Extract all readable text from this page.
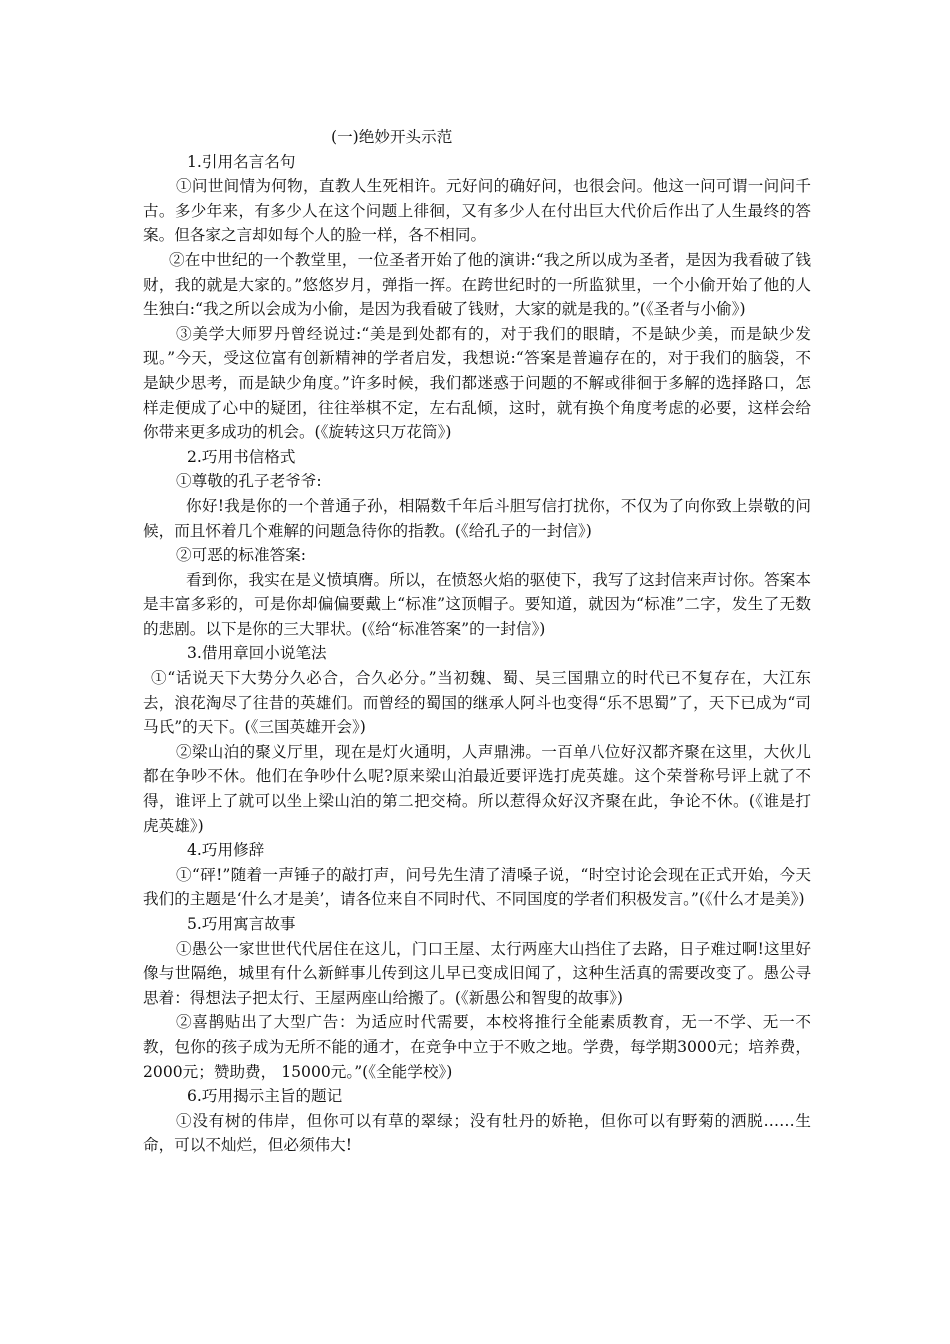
(一)绝妙开头示范

1.引用名言名句

①问世间情为何物，直教人生死相许。元好问的确好问，也很会问。他这一问可谓一问问千古。多少年来，有多少人在这个问题上徘徊，又有多少人在付出巨大代价后作出了人生最终的答案。但各家之言却如每个人的脸一样，各不相同。

②在中世纪的一个教堂里，一位圣者开始了他的演讲:“我之所以成为圣者，是因为我看破了钱财，我的就是大家的。”悠悠岁月，弹指一挥。在跨世纪时的一所监狱里，一个小偷开始了他的人生独白:“我之所以会成为小偷，是因为我看破了钱财，大家的就是我的。”(《圣者与小偷》)

③美学大师罗丹曾经说过:“美是到处都有的，对于我们的眼睛，不是缺少美，而是缺少发现。”今天，受这位富有创新精神的学者启发，我想说:“答案是普遍存在的，对于我们的脑袋，不是缺少思考，而是缺少角度。”许多时候，我们都迷惑于问题的不解或徘徊于多解的选择路口，怎样走便成了心中的疑团，往往举棋不定，左右乱倾，这时，就有换个角度考虑的必要，这样会给你带来更多成功的机会。(《旋转这只万花筒》)

2.巧用书信格式

①尊敬的孔子老爷爷:

你好!我是你的一个普通子孙，相隔数千年后斗胆写信打扰你，不仅为了向你致上崇敬的问候，而且怀着几个难解的问题急待你的指教。(《给孔子的一封信》)

②可恶的标准答案:

看到你，我实在是义愤填膺。所以，在愤怒火焰的驱使下，我写了这封信来声讨你。答案本是丰富多彩的，可是你却偏偏要戴上“标准”这顶帽子。要知道，就因为“标准”二字，发生了无数的悲剧。以下是你的三大罪状。(《给“标准答案”的一封信》)

3.借用章回小说笔法

①“话说天下大势分久必合，合久必分。”当初魏、蜀、吴三国鼎立的时代已不复存在，大江东去，浪花淘尽了往昔的英雄们。而曾经的蜀国的继承人阿斗也变得“乐不思蜀”了，天下已成为“司马氏”的天下。(《三国英雄开会》)

②梁山泊的聚义厅里，现在是灯火通明，人声鼎沸。一百单八位好汉都齐聚在这里，大伙儿都在争吵不休。他们在争吵什么呢?原来梁山泊最近要评选打虎英雄。这个荣誉称号评上就了不得，谁评上了就可以坐上梁山泊的第二把交椅。所以惹得众好汉齐聚在此，争论不休。(《谁是打虎英雄》)

4.巧用修辞

①“砰!”随着一声锤子的敲打声，问号先生清了清嗓子说，“时空讨论会现在正式开始，今天我们的主题是‘什么才是美’，请各位来自不同时代、不同国度的学者们积极发言。”(《什么才是美》)

5.巧用寓言故事

①愚公一家世世代代居住在这儿，门口王屋、太行两座大山挡住了去路，日子难过啊!这里好像与世隔绝，城里有什么新鲜事儿传到这儿早已变成旧闻了，这种生活真的需要改变了。愚公寻思着：得想法子把太行、王屋两座山给搬了。(《新愚公和智叟的故事》)

②喜鹊贴出了大型广告：为适应时代需要，本校将推行全能素质教育，无一不学、无一不教，包你的孩子成为无所不能的通才，在竞争中立于不败之地。学费，每学期3000元；培养费， 2000元；赞助费， 15000元。”(《全能学校》)

6.巧用揭示主旨的题记

①没有树的伟岸，但你可以有草的翠绿；没有牡丹的娇艳，但你可以有野菊的洒脱……生命，可以不灿烂，但必须伟大!
